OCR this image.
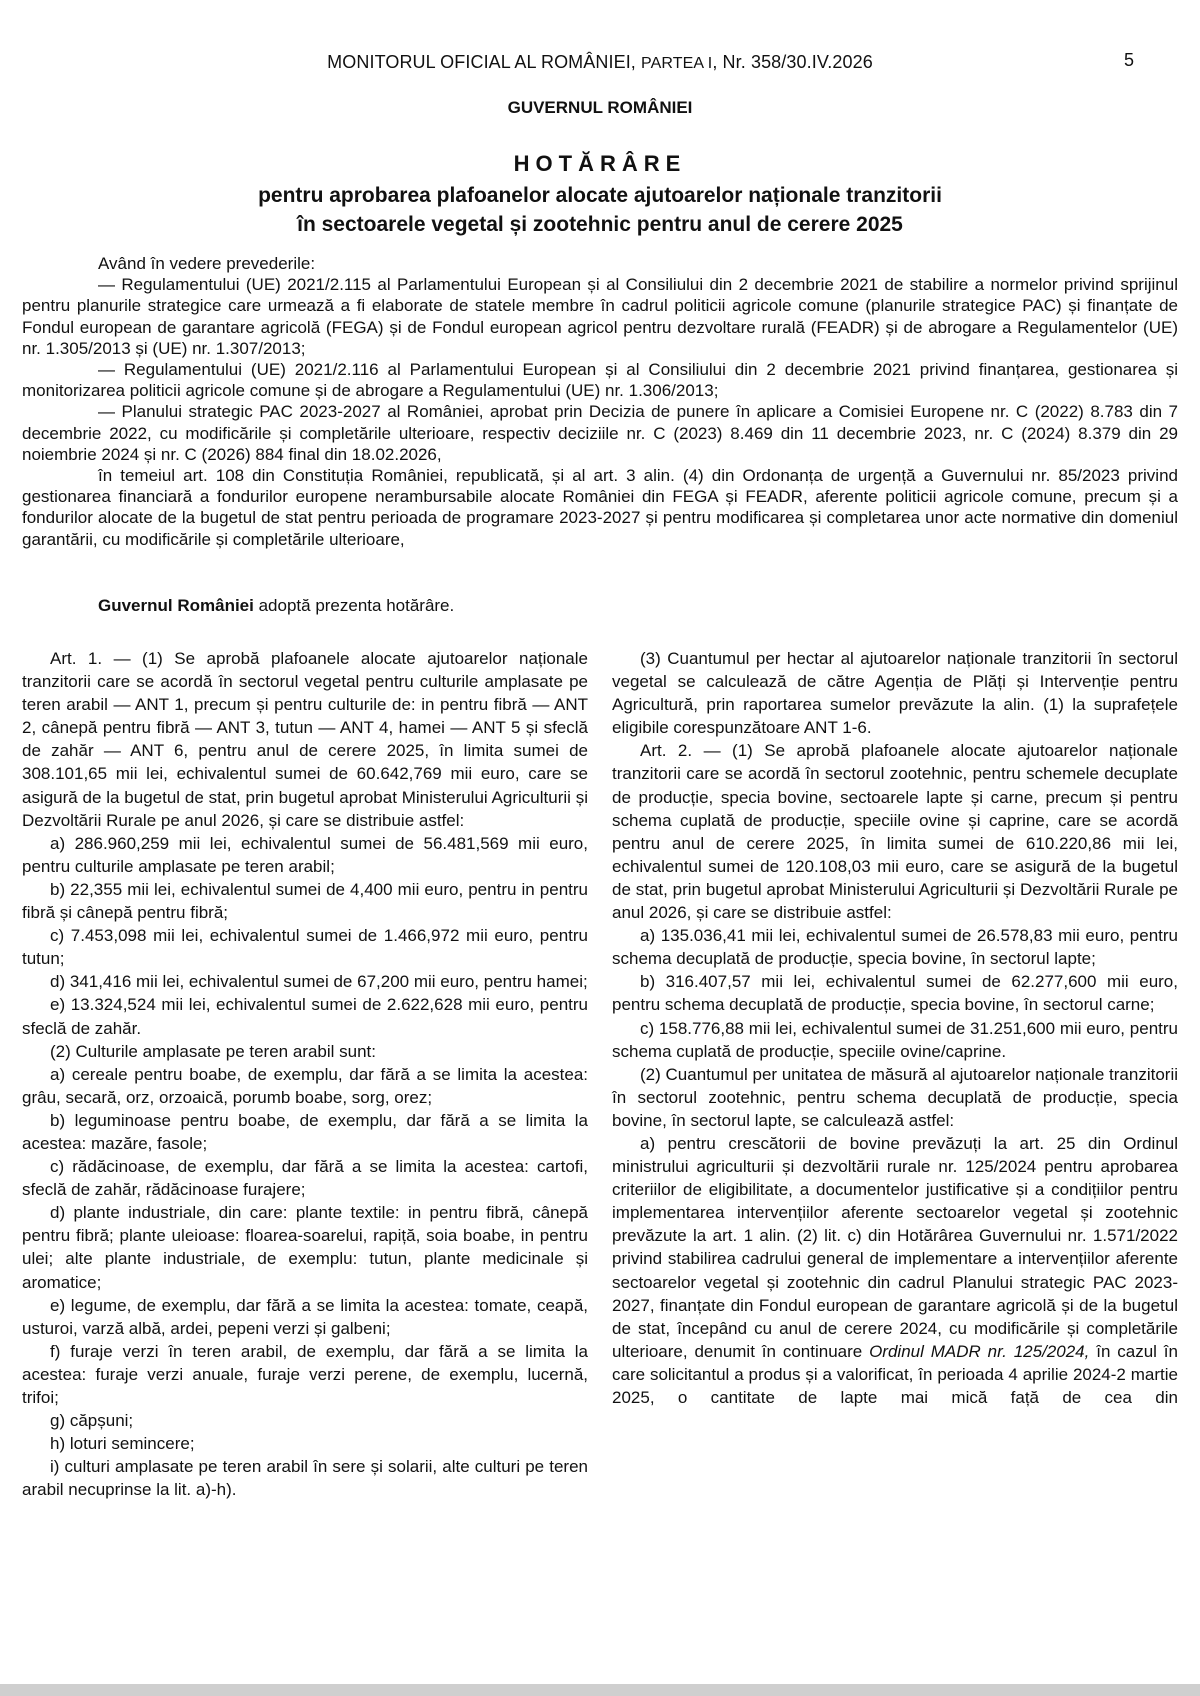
MONITORUL OFICIAL AL ROMÂNIEI, PARTEA I, Nr. 358/30.IV.2026	5
GUVERNUL ROMÂNIEI
HOTĂRÂRE
pentru aprobarea plafoanelor alocate ajutoarelor naționale tranzitorii
în sectoarele vegetal și zootehnic pentru anul de cerere 2025

Având în vedere prevederile:

— Regulamentului (UE) 2021/2.115 al Parlamentului European și al Consiliului din 2 decembrie 2021 de stabilire a normelor privind sprijinul pentru planurile strategice care urmează a fi elaborate de statele membre în cadrul politicii agricole comune (planurile strategice PAC) și finanțate de Fondul european de garantare agricolă (FEGA) și de Fondul european agricol pentru dezvoltare rurală (FEADR) și de abrogare a Regulamentelor (UE) nr. 1.305/2013 și (UE) nr. 1.307/2013;

— Regulamentului (UE) 2021/2.116 al Parlamentului European și al Consiliului din 2 decembrie 2021 privind finanțarea, gestionarea și monitorizarea politicii agricole comune și de abrogare a Regulamentului (UE) nr. 1.306/2013;

— Planului strategic PAC 2023-2027 al României, aprobat prin Decizia de punere în aplicare a Comisiei Europene nr. C (2022) 8.783 din 7 decembrie 2022, cu modificările și completările ulterioare, respectiv deciziile nr. C (2023) 8.469 din 11 decembrie 2023, nr. C (2024) 8.379 din 29 noiembrie 2024 și nr. C (2026) 884 final din 18.02.2026,

în temeiul art. 108 din Constituția României, republicată, și al art. 3 alin. (4) din Ordonanța de urgență a Guvernului nr. 85/2023 privind gestionarea financiară a fondurilor europene nerambursabile alocate României din FEGA și FEADR, aferente politicii agricole comune, precum și a fondurilor alocate de la bugetul de stat pentru perioada de programare 2023-2027 și pentru modificarea și completarea unor acte normative din domeniul garantării, cu modificările și completările ulterioare,

Guvernul României adoptă prezenta hotărâre.

Art. 1. — (1) Se aprobă plafoanele alocate ajutoarelor naționale tranzitorii care se acordă în sectorul vegetal pentru culturile amplasate pe teren arabil — ANT 1, precum și pentru culturile de: in pentru fibră — ANT 2, cânepă pentru fibră — ANT 3, tutun — ANT 4, hamei — ANT 5 și sfeclă de zahăr — ANT 6, pentru anul de cerere 2025, în limita sumei de 308.101,65 mii lei, echivalentul sumei de 60.642,769 mii euro, care se asigură de la bugetul de stat, prin bugetul aprobat Ministerului Agriculturii și Dezvoltării Rurale pe anul 2026, și care se distribuie astfel:

a) 286.960,259 mii lei, echivalentul sumei de 56.481,569 mii euro, pentru culturile amplasate pe teren arabil;

b) 22,355 mii lei, echivalentul sumei de 4,400 mii euro, pentru in pentru fibră și cânepă pentru fibră;

c) 7.453,098 mii lei, echivalentul sumei de 1.466,972 mii euro, pentru tutun;

d) 341,416 mii lei, echivalentul sumei de 67,200 mii euro, pentru hamei;

e) 13.324,524 mii lei, echivalentul sumei de 2.622,628 mii euro, pentru sfeclă de zahăr.

(2) Culturile amplasate pe teren arabil sunt:

a) cereale pentru boabe, de exemplu, dar fără a se limita la acestea: grâu, secară, orz, orzoaică, porumb boabe, sorg, orez;

b) leguminoase pentru boabe, de exemplu, dar fără a se limita la acestea: mazăre, fasole;

c) rădăcinoase, de exemplu, dar fără a se limita la acestea: cartofi, sfeclă de zahăr, rădăcinoase furajere;

d) plante industriale, din care: plante textile: in pentru fibră, cânepă pentru fibră; plante uleioase: floarea-soarelui, rapiță, soia boabe, in pentru ulei; alte plante industriale, de exemplu: tutun, plante medicinale și aromatice;

e) legume, de exemplu, dar fără a se limita la acestea: tomate, ceapă, usturoi, varză albă, ardei, pepeni verzi și galbeni;

f) furaje verzi în teren arabil, de exemplu, dar fără a se limita la acestea: furaje verzi anuale, furaje verzi perene, de exemplu, lucernă, trifoi;

g) căpșuni;

h) loturi semincere;

i) culturi amplasate pe teren arabil în sere și solarii, alte culturi pe teren arabil necuprinse la lit. a)-h).

(3) Cuantumul per hectar al ajutoarelor naționale tranzitorii în sectorul vegetal se calculează de către Agenția de Plăți și Intervenție pentru Agricultură, prin raportarea sumelor prevăzute la alin. (1) la suprafețele eligibile corespunzătoare ANT 1-6.

Art. 2. — (1) Se aprobă plafoanele alocate ajutoarelor naționale tranzitorii care se acordă în sectorul zootehnic, pentru schemele decuplate de producție, specia bovine, sectoarele lapte și carne, precum și pentru schema cuplată de producție, speciile ovine și caprine, care se acordă pentru anul de cerere 2025, în limita sumei de 610.220,86 mii lei, echivalentul sumei de 120.108,03 mii euro, care se asigură de la bugetul de stat, prin bugetul aprobat Ministerului Agriculturii și Dezvoltării Rurale pe anul 2026, și care se distribuie astfel:

a) 135.036,41 mii lei, echivalentul sumei de 26.578,83 mii euro, pentru schema decuplată de producție, specia bovine, în sectorul lapte;

b) 316.407,57 mii lei, echivalentul sumei de 62.277,600 mii euro, pentru schema decuplată de producție, specia bovine, în sectorul carne;

c) 158.776,88 mii lei, echivalentul sumei de 31.251,600 mii euro, pentru schema cuplată de producție, speciile ovine/caprine.

(2) Cuantumul per unitatea de măsură al ajutoarelor naționale tranzitorii în sectorul zootehnic, pentru schema decuplată de producție, specia bovine, în sectorul lapte, se calculează astfel:

a) pentru crescătorii de bovine prevăzuți la art. 25 din Ordinul ministrului agriculturii și dezvoltării rurale nr. 125/2024 pentru aprobarea criteriilor de eligibilitate, a documentelor justificative și a condițiilor pentru implementarea intervențiilor aferente sectoarelor vegetal și zootehnic prevăzute la art. 1 alin. (2) lit. c) din Hotărârea Guvernului nr. 1.571/2022 privind stabilirea cadrului general de implementare a intervențiilor aferente sectoarelor vegetal și zootehnic din cadrul Planului strategic PAC 2023-2027, finanțate din Fondul european de garantare agricolă și de la bugetul de stat, începând cu anul de cerere 2024, cu modificările și completările ulterioare, denumit în continuare Ordinul MADR nr. 125/2024, în cazul în care solicitantul a produs și a valorificat, în perioada 4 aprilie 2024-2 martie 2025, o cantitate de lapte mai mică față de cea din
